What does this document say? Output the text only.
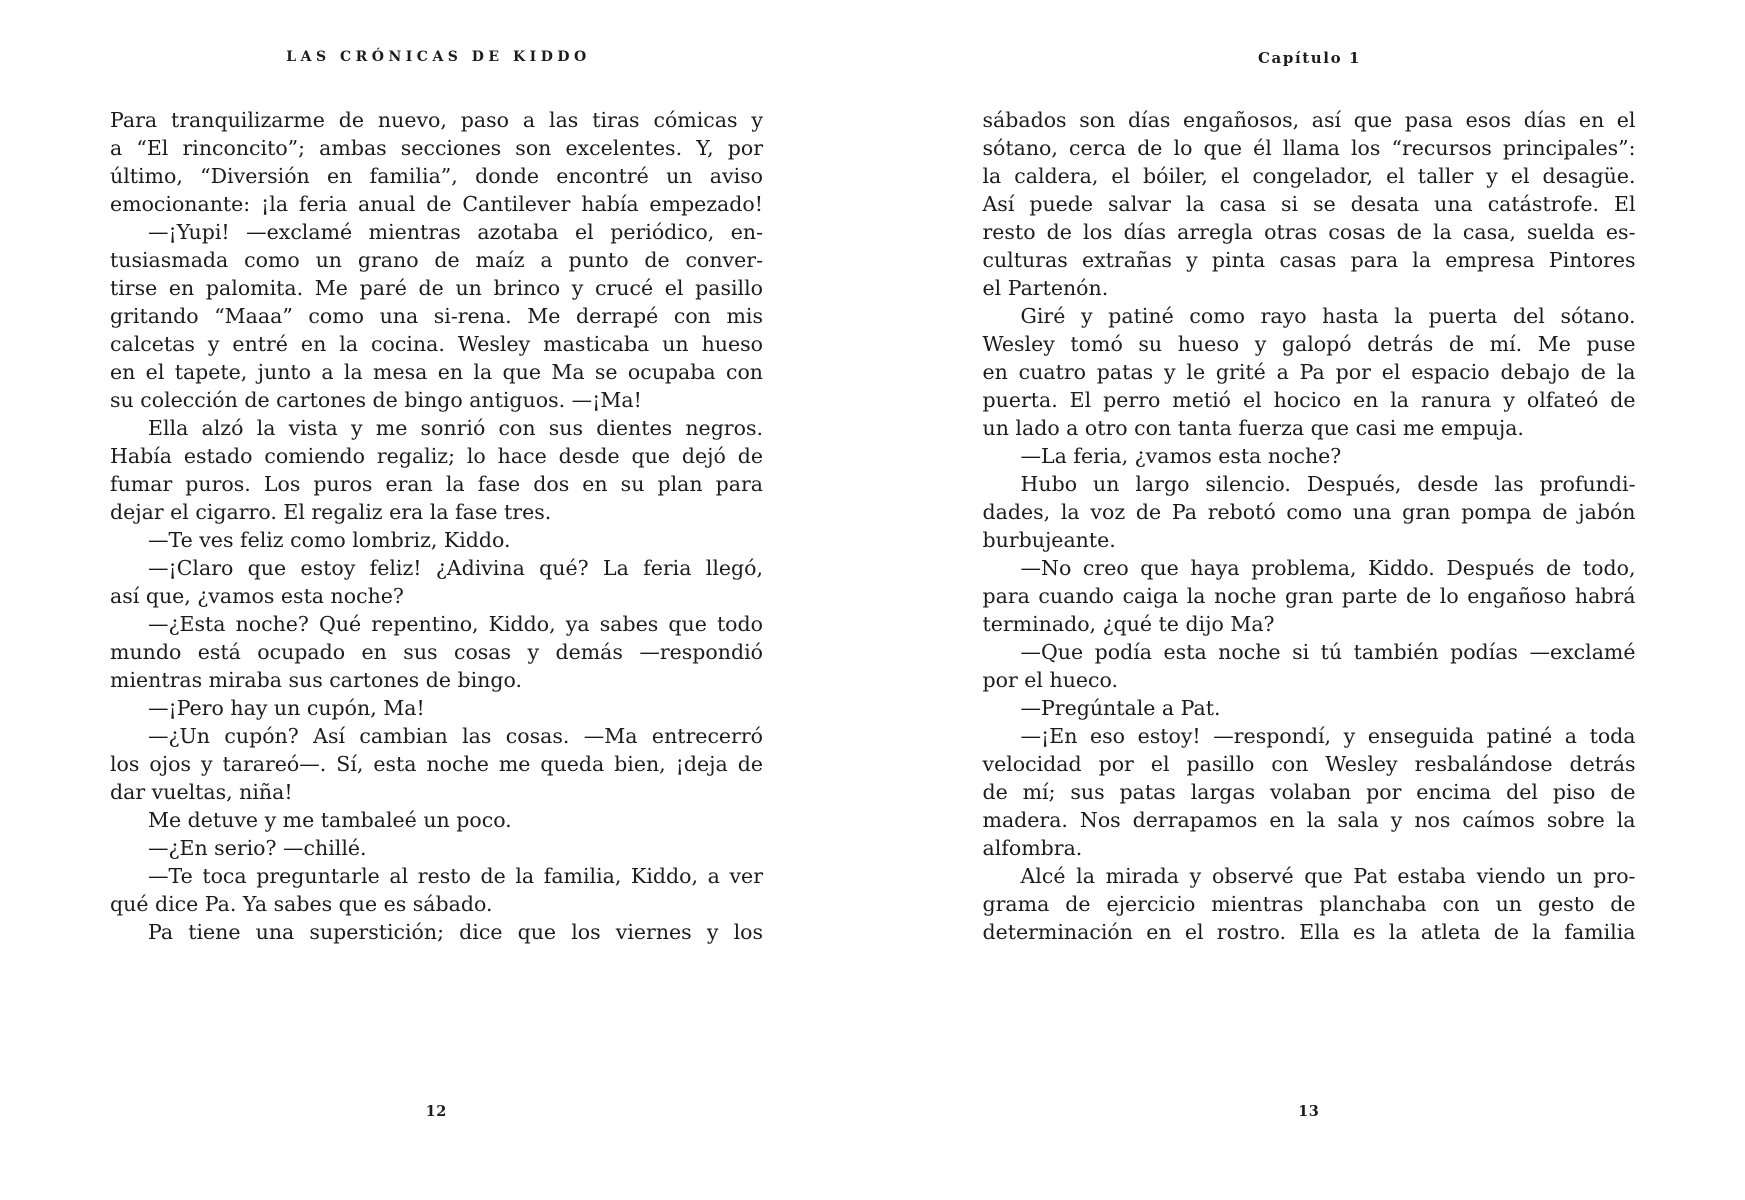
LAS CRÓNICAS DE KIDDO
Para tranquilizarme de nuevo, paso a las tiras cómicas y
a “El rinconcito”; ambas secciones son excelentes. Y, por
último, “Diversión en familia”, donde encontré un aviso
emocionante: ¡la feria anual de Cantilever había empezado!
—¡Yupi! —exclamé mientras azotaba el periódico, en-
tusiasmada como un grano de maíz a punto de conver-
tirse en palomita. Me paré de un brinco y crucé el pasillo
gritando “Maaa” como una si-rena. Me derrapé con mis
calcetas y entré en la cocina. Wesley masticaba un hueso
en el tapete, junto a la mesa en la que Ma se ocupaba con
su colección de cartones de bingo antiguos. —¡Ma!
Ella alzó la vista y me sonrió con sus dientes negros.
Había estado comiendo regaliz; lo hace desde que dejó de
fumar puros. Los puros eran la fase dos en su plan para
dejar el cigarro. El regaliz era la fase tres.
—Te ves feliz como lombriz, Kiddo.
—¡Claro que estoy feliz! ¿Adivina qué? La feria llegó,
así que, ¿vamos esta noche?
—¿Esta noche? Qué repentino, Kiddo, ya sabes que todo
mundo está ocupado en sus cosas y demás —respondió
mientras miraba sus cartones de bingo.
—¡Pero hay un cupón, Ma!
—¿Un cupón? Así cambian las cosas. —Ma entrecerró
los ojos y tarareó—. Sí, esta noche me queda bien, ¡deja de
dar vueltas, niña!
Me detuve y me tambaleé un poco.
—¿En serio? —chillé.
—Te toca preguntarle al resto de la familia, Kiddo, a ver
qué dice Pa. Ya sabes que es sábado.
Pa tiene una superstición; dice que los viernes y los
12
Capítulo 1
sábados son días engañosos, así que pasa esos días en el
sótano, cerca de lo que él llama los “recursos principales”:
la caldera, el bóiler, el congelador, el taller y el desagüe.
Así puede salvar la casa si se desata una catástrofe. El
resto de los días arregla otras cosas de la casa, suelda es-
culturas extrañas y pinta casas para la empresa Pintores
el Partenón.
Giré y patiné como rayo hasta la puerta del sótano.
Wesley tomó su hueso y galopó detrás de mí. Me puse
en cuatro patas y le grité a Pa por el espacio debajo de la
puerta. El perro metió el hocico en la ranura y olfateó de
un lado a otro con tanta fuerza que casi me empuja.
—La feria, ¿vamos esta noche?
Hubo un largo silencio. Después, desde las profundi-
dades, la voz de Pa rebotó como una gran pompa de jabón
burbujeante.
—No creo que haya problema, Kiddo. Después de todo,
para cuando caiga la noche gran parte de lo engañoso habrá
terminado, ¿qué te dijo Ma?
—Que podía esta noche si tú también podías —exclamé
por el hueco.
—Pregúntale a Pat.
—¡En eso estoy! —respondí, y enseguida patiné a toda
velocidad por el pasillo con Wesley resbalándose detrás
de mí; sus patas largas volaban por encima del piso de
madera. Nos derrapamos en la sala y nos caímos sobre la
alfombra.
Alcé la mirada y observé que Pat estaba viendo un pro-
grama de ejercicio mientras planchaba con un gesto de
determinación en el rostro. Ella es la atleta de la familia
13
